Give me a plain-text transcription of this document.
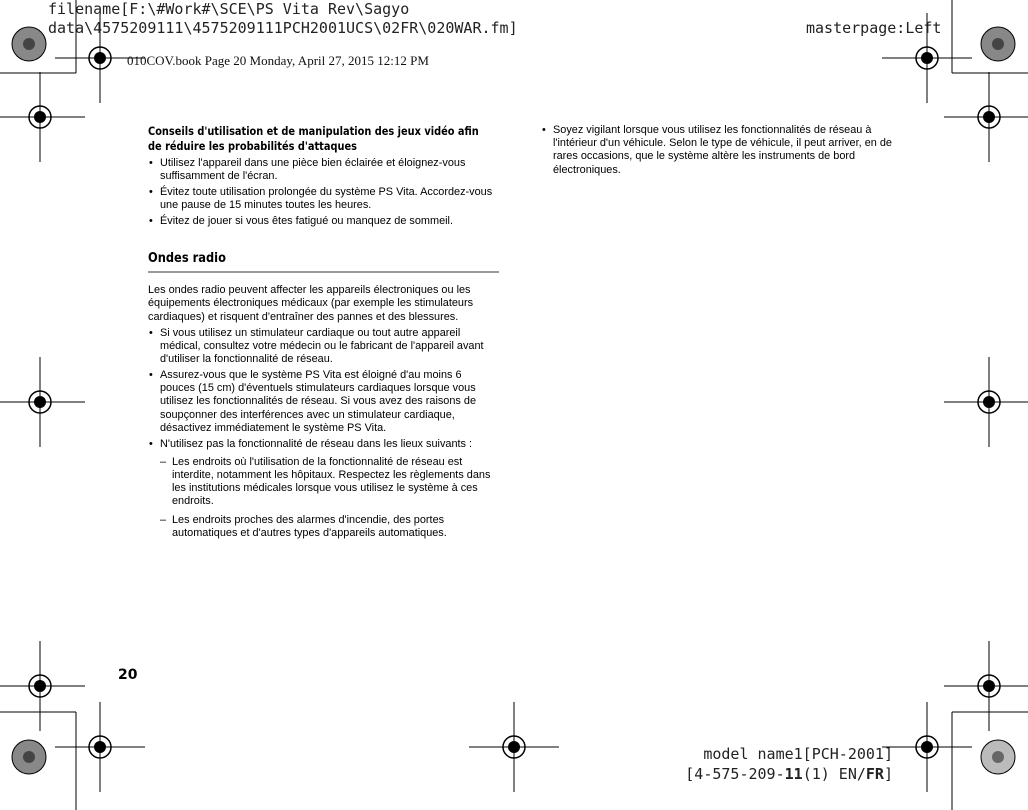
filename[F:\#Work#\SCE\PS Vita Rev\Sagyo
data\4575209111\4575209111PCH2001UCS\02FR\020WAR.fm]	masterpage:Left
010COV.book Page 20 Monday, April 27, 2015 12:12 PM
Conseils d'utilisation et de manipulation des jeux vidéo afin de réduire les probabilités d'attaques
• Utilisez l'appareil dans une pièce bien éclairée et éloignez-vous suffisamment de l'écran.
• Évitez toute utilisation prolongée du système PS Vita. Accordez-vous une pause de 15 minutes toutes les heures.
• Évitez de jouer si vous êtes fatigué ou manquez de sommeil.
Ondes radio

Les ondes radio peuvent affecter les appareils électroniques ou les équipements électroniques médicaux (par exemple les stimulateurs cardiaques) et risquent d'entraîner des pannes et des blessures.

• Si vous utilisez un stimulateur cardiaque ou tout autre appareil médical, consultez votre médecin ou le fabricant de l'appareil avant d'utiliser la fonctionnalité de réseau.
• Assurez-vous que le système PS Vita est éloigné d'au moins 6 pouces (15 cm) d'éventuels stimulateurs cardiaques lorsque vous utilisez les fonctionnalités de réseau. Si vous avez des raisons de soupçonner des interférences avec un stimulateur cardiaque, désactivez immédiatement le système PS Vita.
• N'utilisez pas la fonctionnalité de réseau dans les lieux suivants :
– Les endroits où l'utilisation de la fonctionnalité de réseau est interdite, notamment les hôpitaux. Respectez les règlements dans les institutions médicales lorsque vous utilisez le système à ces endroits.
– Les endroits proches des alarmes d'incendie, des portes automatiques et d'autres types d'appareils automatiques.
• Soyez vigilant lorsque vous utilisez les fonctionnalités de réseau à l'intérieur d'un véhicule. Selon le type de véhicule, il peut arriver, en de rares occasions, que le système altère les instruments de bord électroniques.
20
model name1[PCH-2001]
[4-575-209-11(1) EN/FR]
